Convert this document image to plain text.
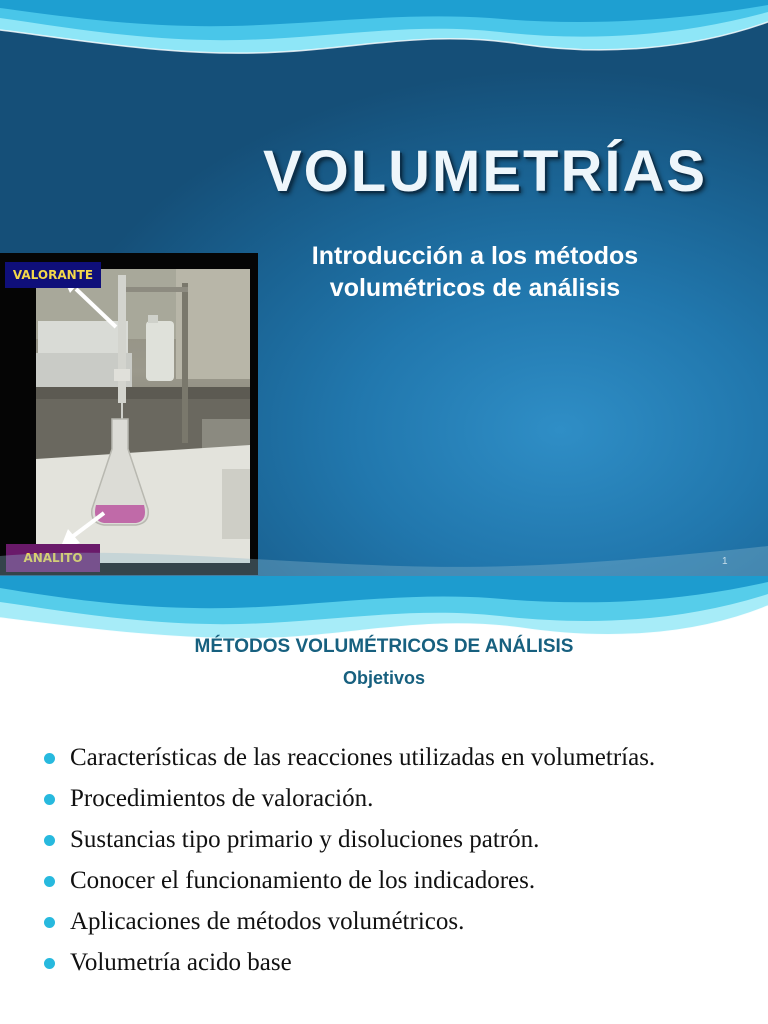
VOLUMETRÍAS
Introducción a los métodos
volumétricos de análisis
VALORANTE
ANALITO	1
MÉTODOS VOLUMÉTRICOS DE ANÁLISIS
Objetivos
Características de las reacciones utilizadas en volumetrías.
Procedimientos de valoración.
Sustancias tipo primario y disoluciones patrón.
Conocer el funcionamiento de los indicadores.
Aplicaciones de métodos volumétricos.
Volumetría acido base
